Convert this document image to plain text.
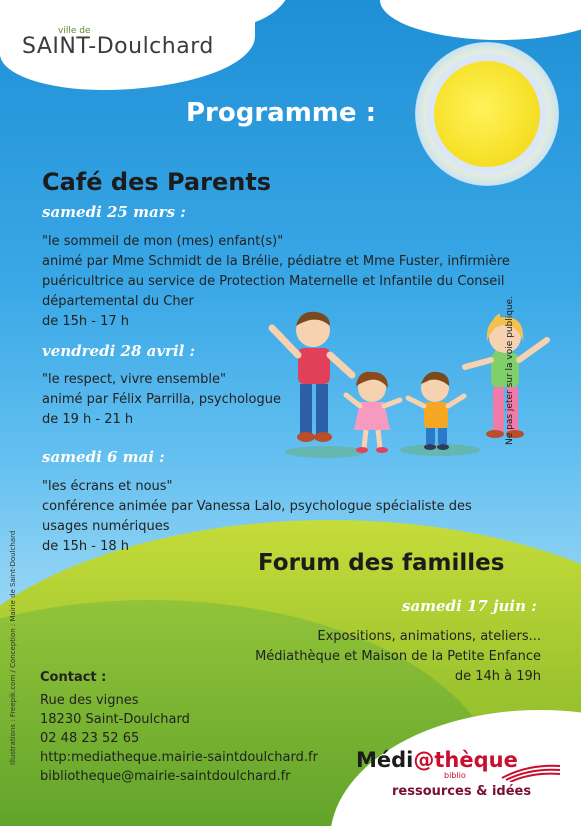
ville de
SAINT-Doulchard
Programme :
Café des Parents
samedi 25 mars :
"le sommeil de mon (mes) enfant(s)"
animé par Mme Schmidt de la Brélie, pédiatre et Mme Fuster, infirmière
puéricultrice au service de Protection Maternelle et Infantile du Conseil
départemental du Cher
de 15h - 17 h
vendredi 28 avril :
"le respect, vivre ensemble"
animé par Félix Parrilla, psychologue
de 19 h - 21 h
samedi 6 mai :
"les écrans et nous"
conférence animée par Vanessa Lalo, psychologue spécialiste des
usages numériques
de 15h - 18 h
Ne pas jeter sur la voie publique.
Illustrations : Freepik.com / Conception : Mairie de Saint-Doulchard	Forum des familles
samedi 17 juin :
Expositions, animations, ateliers...
Médiathèque et Maison de la Petite Enfance
de 14h à 19h
Contact :
Rue des vignes
18230 Saint-Doulchard
02 48 23 52 65
http:mediatheque.mairie-saintdoulchard.fr
bibliotheque@mairie-saintdoulchard.fr
Médi@thèque
biblio
ressources & idées
